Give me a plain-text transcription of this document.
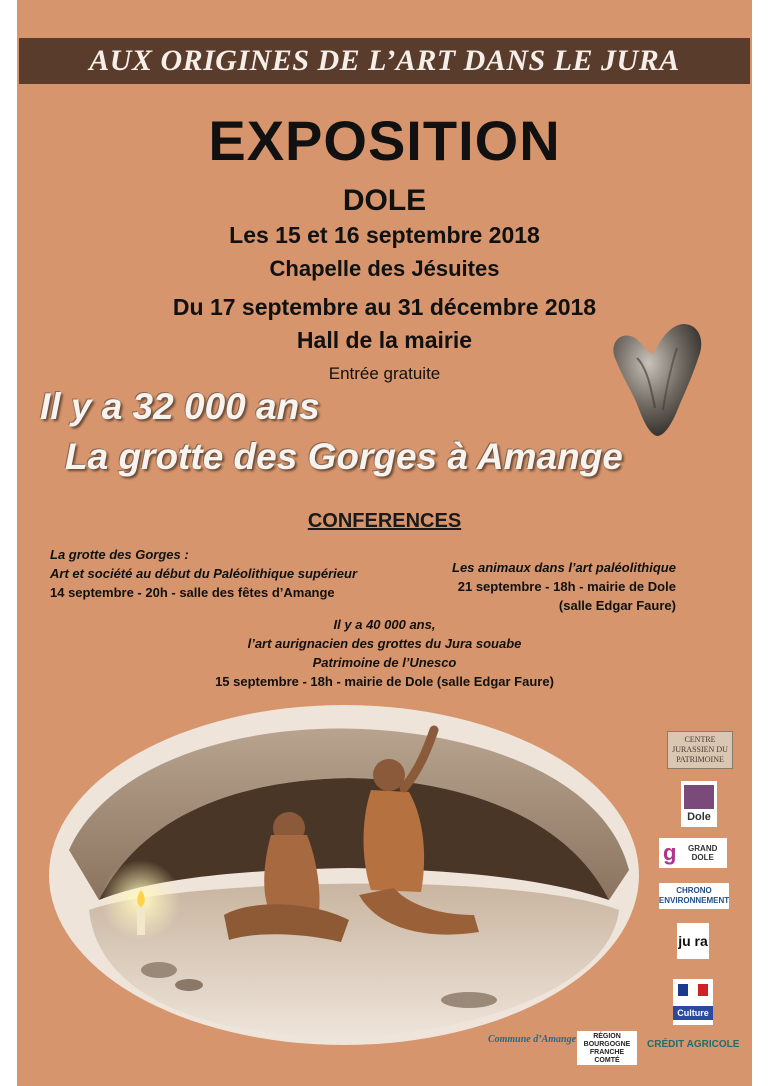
AUX ORIGINES DE L’ART DANS LE JURA
EXPOSITION
DOLE
Les 15 et 16 septembre 2018
Chapelle des Jésuites
Du 17 septembre au 31 décembre 2018
Hall de la mairie
Entrée gratuite
Il y a 32 000 ans
La grotte des Gorges à Amange
CONFERENCES
La grotte des Gorges :
Art et société au début du Paléolithique supérieur
14 septembre - 20h - salle des fêtes d’Amange
Les animaux dans l’art paléolithique
21 septembre - 18h - mairie de Dole
(salle Edgar Faure)
Il y a 40 000 ans,
l’art aurignacien des grottes du Jura souabe
Patrimoine de l’Unesco
15 septembre - 18h - mairie de Dole (salle Edgar Faure)
CENTRE JURASSIEN DU PATRIMOINE
Dole
g	GRAND DOLE
CHRONO ENVIRONNEMENT
ju ra
Culture
Commune d’Amange	RÉGION BOURGOGNE FRANCHE COMTÉ
CRÉDIT AGRICOLE
